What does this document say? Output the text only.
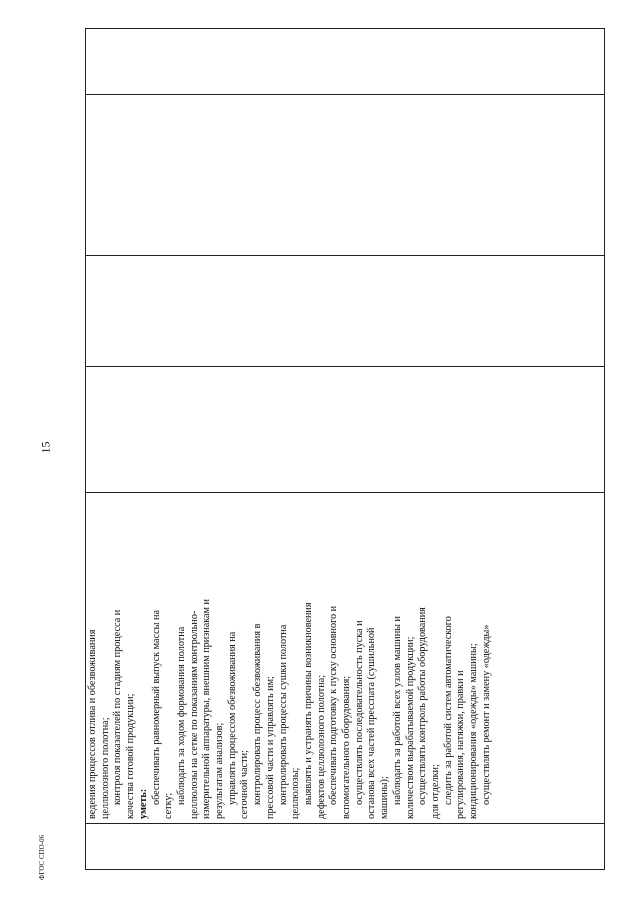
15
ФГОС СПО-06

ведения процессов отлива и обезвоживания целлюлозного полотна; контроля показателей по стадиям процесса и качества готовой продукции; уметь: обеспечивать равномерный выпуск массы на

сетку;

наблюдать за ходом формования полотна целлюлозы на сетке по показаниям контрольно- измерительной аппаратуры, внешним признакам и результатам анализов; управлять процессом обезвоживания на сеточной части; контролировать процесс обезвоживания в прессовой части и управлять им; контролировать процессы сушки полотна целлюлозы; выявлять и устранять причины возникновения дефектов целлюлозного полотна; обеспечивать подготовку к пуску основного и вспомогательного оборудования; осуществлять последовательность пуска и останова всех частей пресспата (сушильной машины); наблюдать за работой всех узлов машины и количеством вырабатываемой продукции; осуществлять контроль работы оборудования для отделки; следить за работой систем автоматического регулирования, натяжки, правки и кондиционирования «одежды» машины; осуществлять ремонт и замену «одежды»
